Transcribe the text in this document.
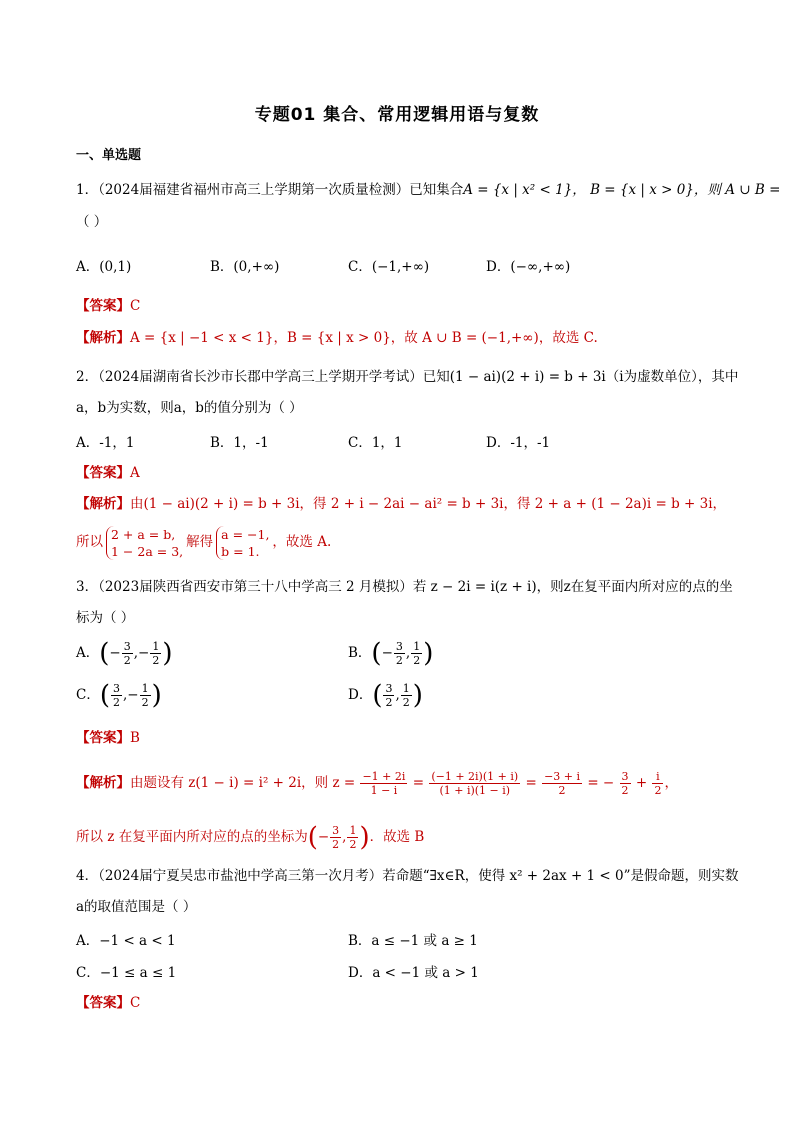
专题01 集合、常用逻辑用语与复数
一、单选题
1．（2024届福建省福州市高三上学期第一次质量检测）已知集合A = {x | x² < 1}， B = {x | x > 0}，则 A ∪ B =
（ ）
A．(0,1)	B．(0,+∞)	C．(−1,+∞)	D．(−∞,+∞)
【答案】C
【解析】A = {x | −1 < x < 1}，B = {x | x > 0}，故 A ∪ B = (−1,+∞)，故选 C.
2．（2024届湖南省长沙市长郡中学高三上学期开学考试）已知(1 − ai)(2 + i) = b + 3i（i为虚数单位），其中
a，b为实数，则a，b的值分别为（ ）
A．-1，1	B．1，-1	C．1，1	D．-1，-1
【答案】A
【解析】由(1 − ai)(2 + i) = b + 3i，得 2 + i − 2ai − ai² = b + 3i，得 2 + a + (1 − 2a)i = b + 3i，
所以 2 + a = b,
1 − 2a = 3,
解得 a = −1,
b = 1.
，故选 A.
3．（2023届陕西省西安市第三十八中学高三 2 月模拟）若 z − 2i = i(z + i)，则z在复平面内所对应的点的坐
标为（ ）
A．(− $\frac{3}{2}$ ,− $\frac{1}{2}$ )	B．(− $\frac{3}{2}$ , $\frac{1}{2}$ )
C．( $\frac{3}{2}$ ,− $\frac{1}{2}$ )	D．( $\frac{3}{2}$ , $\frac{1}{2}$ )
【答案】B
【解析】由题设有 z(1 − i) = i² + 2i，则 $z = \frac{-1 + 2i}{1 - i} = \frac{(-1 + 2i)(1 + i)}{(1 + i)(1 - i)} = \frac{-3 + i}{2}$ = − $\frac{3}{2} + \frac{i}{2}$ ，
所以 z 在复平面内所对应的点的坐标为(− $\frac{3}{2}$ , $\frac{1}{2}$ )．故选 B
4．（2024届宁夏吴忠市盐池中学高三第一次月考）若命题“∃x∈R，使得 x² + 2ax + 1 < 0”是假命题，则实数
a的取值范围是（ ）
A．−1 < a < 1	B．a ≤ −1 或 a ≥ 1
C．−1 ≤ a ≤ 1	D．a < −1 或 a > 1
【答案】C
